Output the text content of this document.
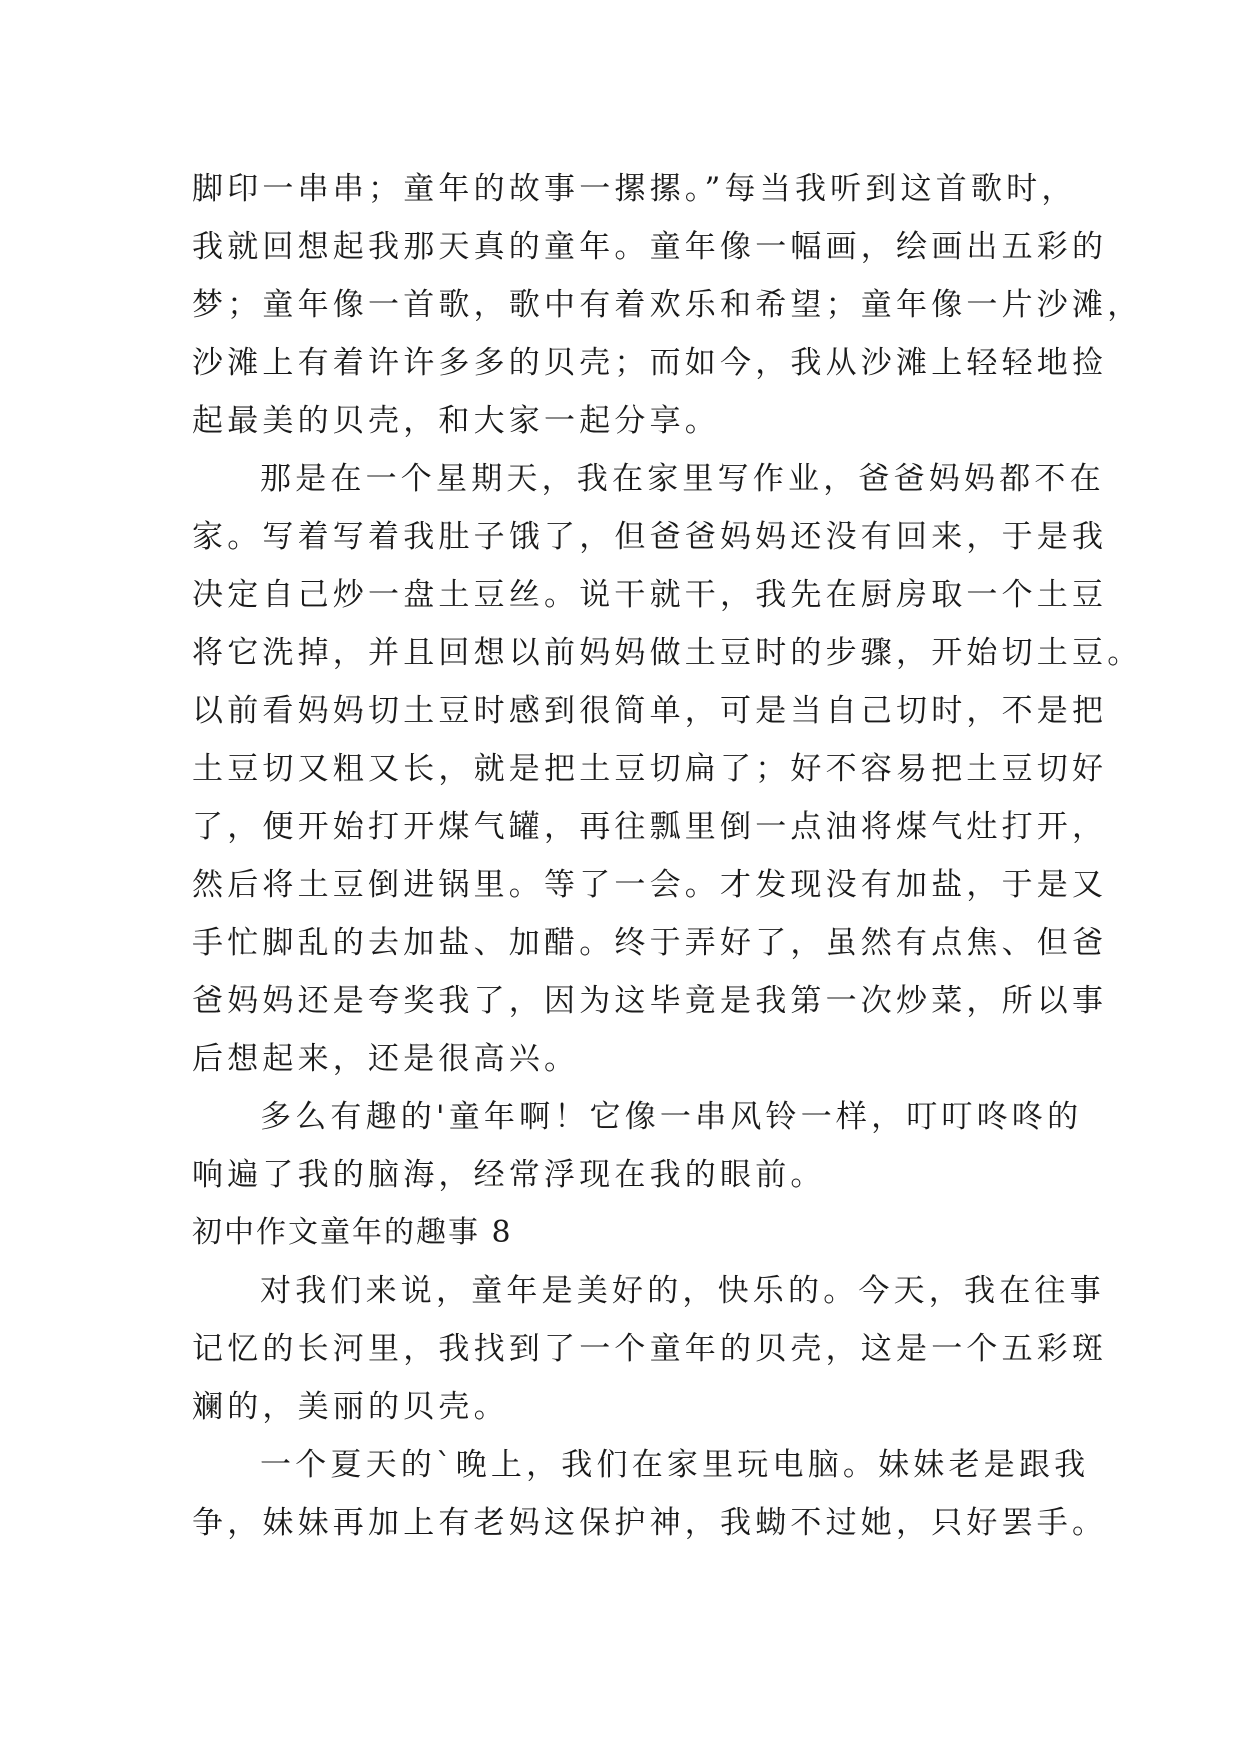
脚印一串串；童年的故事一摞摞。”每当我听到这首歌时，
我就回想起我那天真的童年。童年像一幅画，绘画出五彩的
梦；童年像一首歌，歌中有着欢乐和希望；童年像一片沙滩，
沙滩上有着许许多多的贝壳；而如今，我从沙滩上轻轻地捡
起最美的贝壳，和大家一起分享。
那是在一个星期天，我在家里写作业，爸爸妈妈都不在
家。写着写着我肚子饿了，但爸爸妈妈还没有回来，于是我
决定自己炒一盘土豆丝。说干就干，我先在厨房取一个土豆
将它洗掉，并且回想以前妈妈做土豆时的步骤，开始切土豆。
以前看妈妈切土豆时感到很简单，可是当自己切时，不是把
土豆切又粗又长，就是把土豆切扁了；好不容易把土豆切好
了，便开始打开煤气罐，再往瓢里倒一点油将煤气灶打开，
然后将土豆倒进锅里。等了一会。才发现没有加盐，于是又
手忙脚乱的去加盐、加醋。终于弄好了，虽然有点焦、但爸
爸妈妈还是夸奖我了，因为这毕竟是我第一次炒菜，所以事
后想起来，还是很高兴。
多么有趣的'童年啊！它像一串风铃一样，叮叮咚咚的
响遍了我的脑海，经常浮现在我的眼前。
初中作文童年的趣事 8
对我们来说，童年是美好的，快乐的。今天，我在往事
记忆的长河里，我找到了一个童年的贝壳，这是一个五彩斑
斓的，美丽的贝壳。
一个夏天的`晚上，我们在家里玩电脑。妹妹老是跟我
争，妹妹再加上有老妈这保护神，我蜐不过她，只好罢手。
